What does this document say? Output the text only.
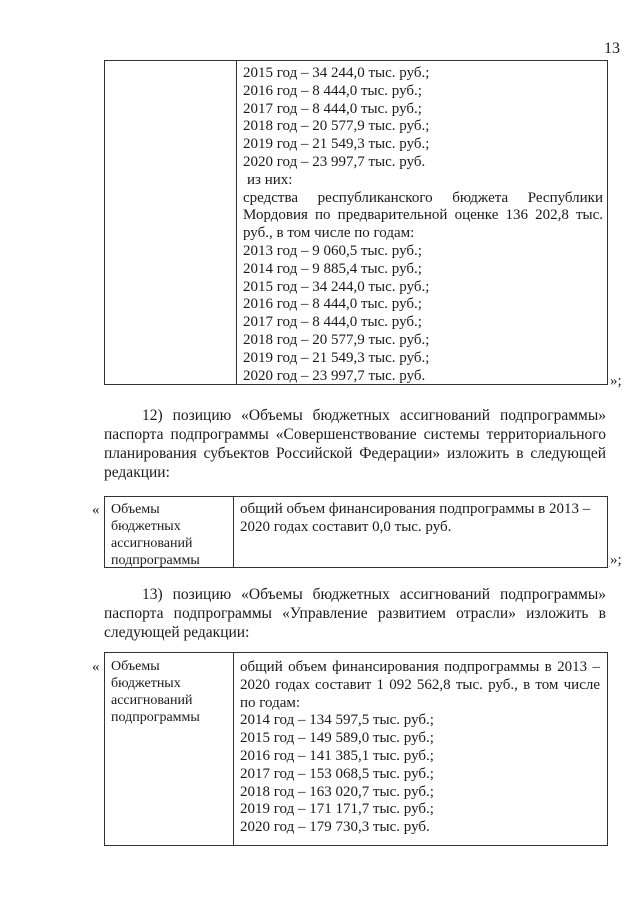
13
2015 год – 34 244,0 тыс. руб.;
2016 год – 8 444,0 тыс. руб.;
2017 год – 8 444,0 тыс. руб.;
2018 год – 20 577,9 тыс. руб.;
2019 год – 21 549,3 тыс. руб.;
2020 год – 23 997,7 тыс. руб.
из них:
средства республиканского бюджета Республики
Мордовия по предварительной оценке 136 202,8 тыс.
руб., в том числе по годам:
2013 год – 9 060,5 тыс. руб.;
2014 год – 9 885,4 тыс. руб.;
2015 год – 34 244,0 тыс. руб.;
2016 год – 8 444,0 тыс. руб.;
2017 год – 8 444,0 тыс. руб.;
2018 год – 20 577,9 тыс. руб.;
2019 год – 21 549,3 тыс. руб.;
2020 год – 23 997,7 тыс. руб.	»;
12) позицию «Объемы бюджетных ассигнований подпрограммы»
паспорта подпрограммы «Совершенствование системы территориального
планирования субъектов Российской Федерации» изложить в следующей
редакции:
« Объемы
бюджетных
ассигнований
подпрограммы
общий объем финансирования подпрограммы в 2013 –
2020 годах составит 0,0 тыс. руб.
»;
13) позицию «Объемы бюджетных ассигнований подпрограммы»
паспорта подпрограммы «Управление развитием отрасли» изложить в
следующей редакции:
« Объемы
бюджетных
ассигнований
подпрограммы
общий объем финансирования подпрограммы в 2013 –
2020 годах составит 1 092 562,8 тыс. руб., в том числе
по годам:
2014 год – 134 597,5 тыс. руб.;
2015 год – 149 589,0 тыс. руб.;
2016 год – 141 385,1 тыс. руб.;
2017 год – 153 068,5 тыс. руб.;
2018 год – 163 020,7 тыс. руб.;
2019 год – 171 171,7 тыс. руб.;
2020 год – 179 730,3 тыс. руб.
